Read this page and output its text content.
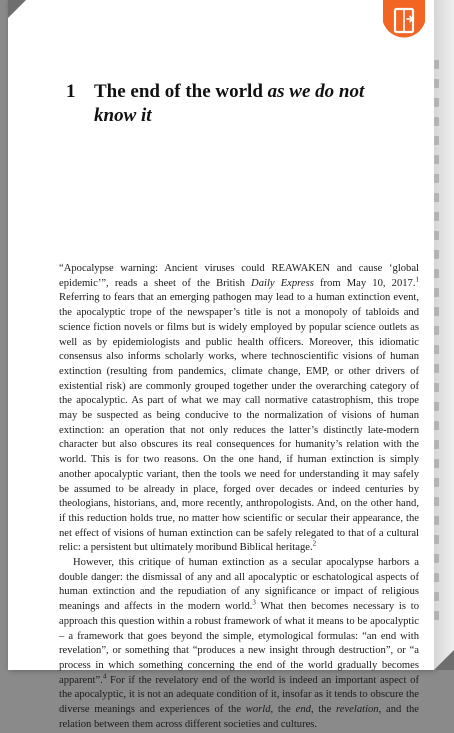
1 The end of the world as we do not
know it

“Apocalypse warning: Ancient viruses could REAWAKEN and cause ‘global epidemic’”, reads a sheet of the British Daily Express from May 10, 2017.$^1$ Referring to fears that an emerging pathogen may lead to a human extinction event, the apocalyptic trope of the newspaper’s title is not a monopoly of tabloids and science fiction novels or films but is widely employed by popular science outlets as well as by epidemiologists and public health officers. Moreover, this idiomatic consensus also informs scholarly works, where technoscientific visions of human extinction (resulting from pandemics, climate change, EMP, or other drivers of existential risk) are commonly grouped together under the overarching category of the apocalyptic. As part of what we may call normative catastrophism, this trope may be suspected as being conducive to the normalization of visions of human extinction: an operation that not only reduces the latter’s distinctly late-modern character but also obscures its real consequences for humanity’s relation with the world. This is for two reasons. On the one hand, if human extinction is simply another apocalyptic variant, then the tools we need for understanding it may safely be assumed to be already in place, forged over decades or indeed centuries by theologians, historians, and, more recently, anthropologists. And, on the other hand, if this reduction holds true, no matter how scientific or secular their appearance, the net effect of visions of human extinction can be safely relegated to that of a cultural relic: a persistent but ultimately moribund Biblical heritage.$^2$

However, this critique of human extinction as a secular apocalypse harbors a double danger: the dismissal of any and all apocalyptic or eschatological aspects of human extinction and the repudiation of any significance or impact of religious meanings and affects in the modern world.$^3$ What then becomes necessary is to approach this question within a robust framework of what it means to be apocalyptic – a framework that goes beyond the simple, etymological formulas: “an end with revelation”, or something that “produces a new insight through destruction”, or “a process in which something concerning the end of the world gradually becomes apparent”.$^4$ For if the revelatory end of the world is indeed an important aspect of the apocalyptic, it is not an adequate condition of it, insofar as it tends to obscure the diverse meanings and experiences of the world, the end, the revelation, and the relation between them across different societies and cultures.
